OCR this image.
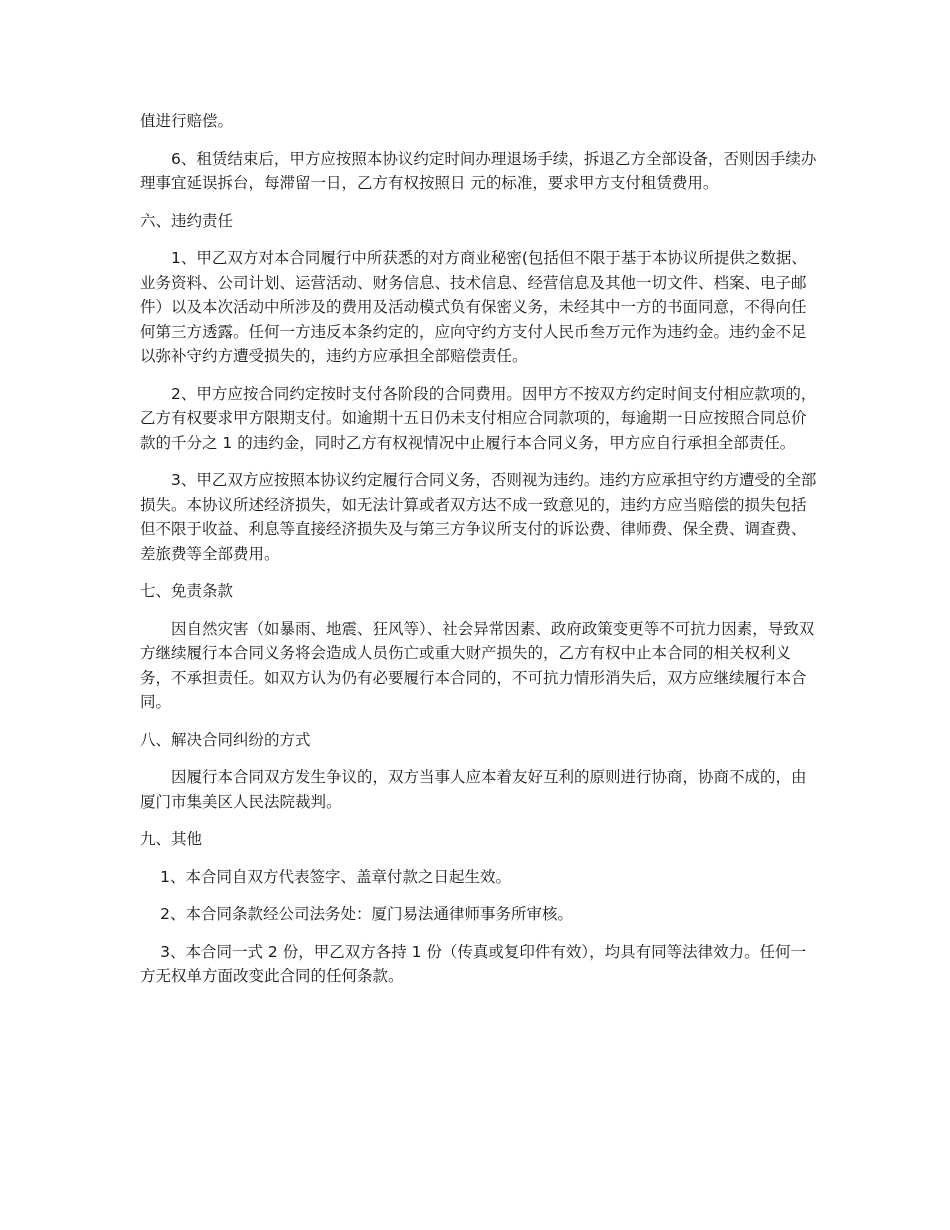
值进行赔偿。

6、租赁结束后，甲方应按照本协议约定时间办理退场手续，拆退乙方全部设备，否则因手续办理事宜延误拆台，每滞留一日，乙方有权按照日 元的标准，要求甲方支付租赁费用。

六、违约责任

1、甲乙双方对本合同履行中所获悉的对方商业秘密(包括但不限于基于本协议所提供之数据、业务资料、公司计划、运营活动、财务信息、技术信息、经营信息及其他一切文件、档案、电子邮件）以及本次活动中所涉及的费用及活动模式负有保密义务，未经其中一方的书面同意，不得向任何第三方透露。任何一方违反本条约定的，应向守约方支付人民币叁万元作为违约金。违约金不足以弥补守约方遭受损失的，违约方应承担全部赔偿责任。

2、甲方应按合同约定按时支付各阶段的合同费用。因甲方不按双方约定时间支付相应款项的，乙方有权要求甲方限期支付。如逾期十五日仍未支付相应合同款项的，每逾期一日应按照合同总价款的千分之 1 的违约金，同时乙方有权视情况中止履行本合同义务，甲方应自行承担全部责任。

3、甲乙双方应按照本协议约定履行合同义务，否则视为违约。违约方应承担守约方遭受的全部损失。本协议所述经济损失，如无法计算或者双方达不成一致意见的，违约方应当赔偿的损失包括但不限于收益、利息等直接经济损失及与第三方争议所支付的诉讼费、律师费、保全费、调查费、差旅费等全部费用。

七、免责条款

因自然灾害（如暴雨、地震、狂风等）、社会异常因素、政府政策变更等不可抗力因素，导致双方继续履行本合同义务将会造成人员伤亡或重大财产损失的，乙方有权中止本合同的相关权利义务，不承担责任。如双方认为仍有必要履行本合同的，不可抗力情形消失后，双方应继续履行本合同。

八、解决合同纠纷的方式

因履行本合同双方发生争议的，双方当事人应本着友好互利的原则进行协商，协商不成的，由厦门市集美区人民法院裁判。

九、其他

1、本合同自双方代表签字、盖章付款之日起生效。

2、本合同条款经公司法务处：厦门易法通律师事务所审核。

3、本合同一式 2 份，甲乙双方各持 1 份（传真或复印件有效），均具有同等法律效力。任何一方无权单方面改变此合同的任何条款。
